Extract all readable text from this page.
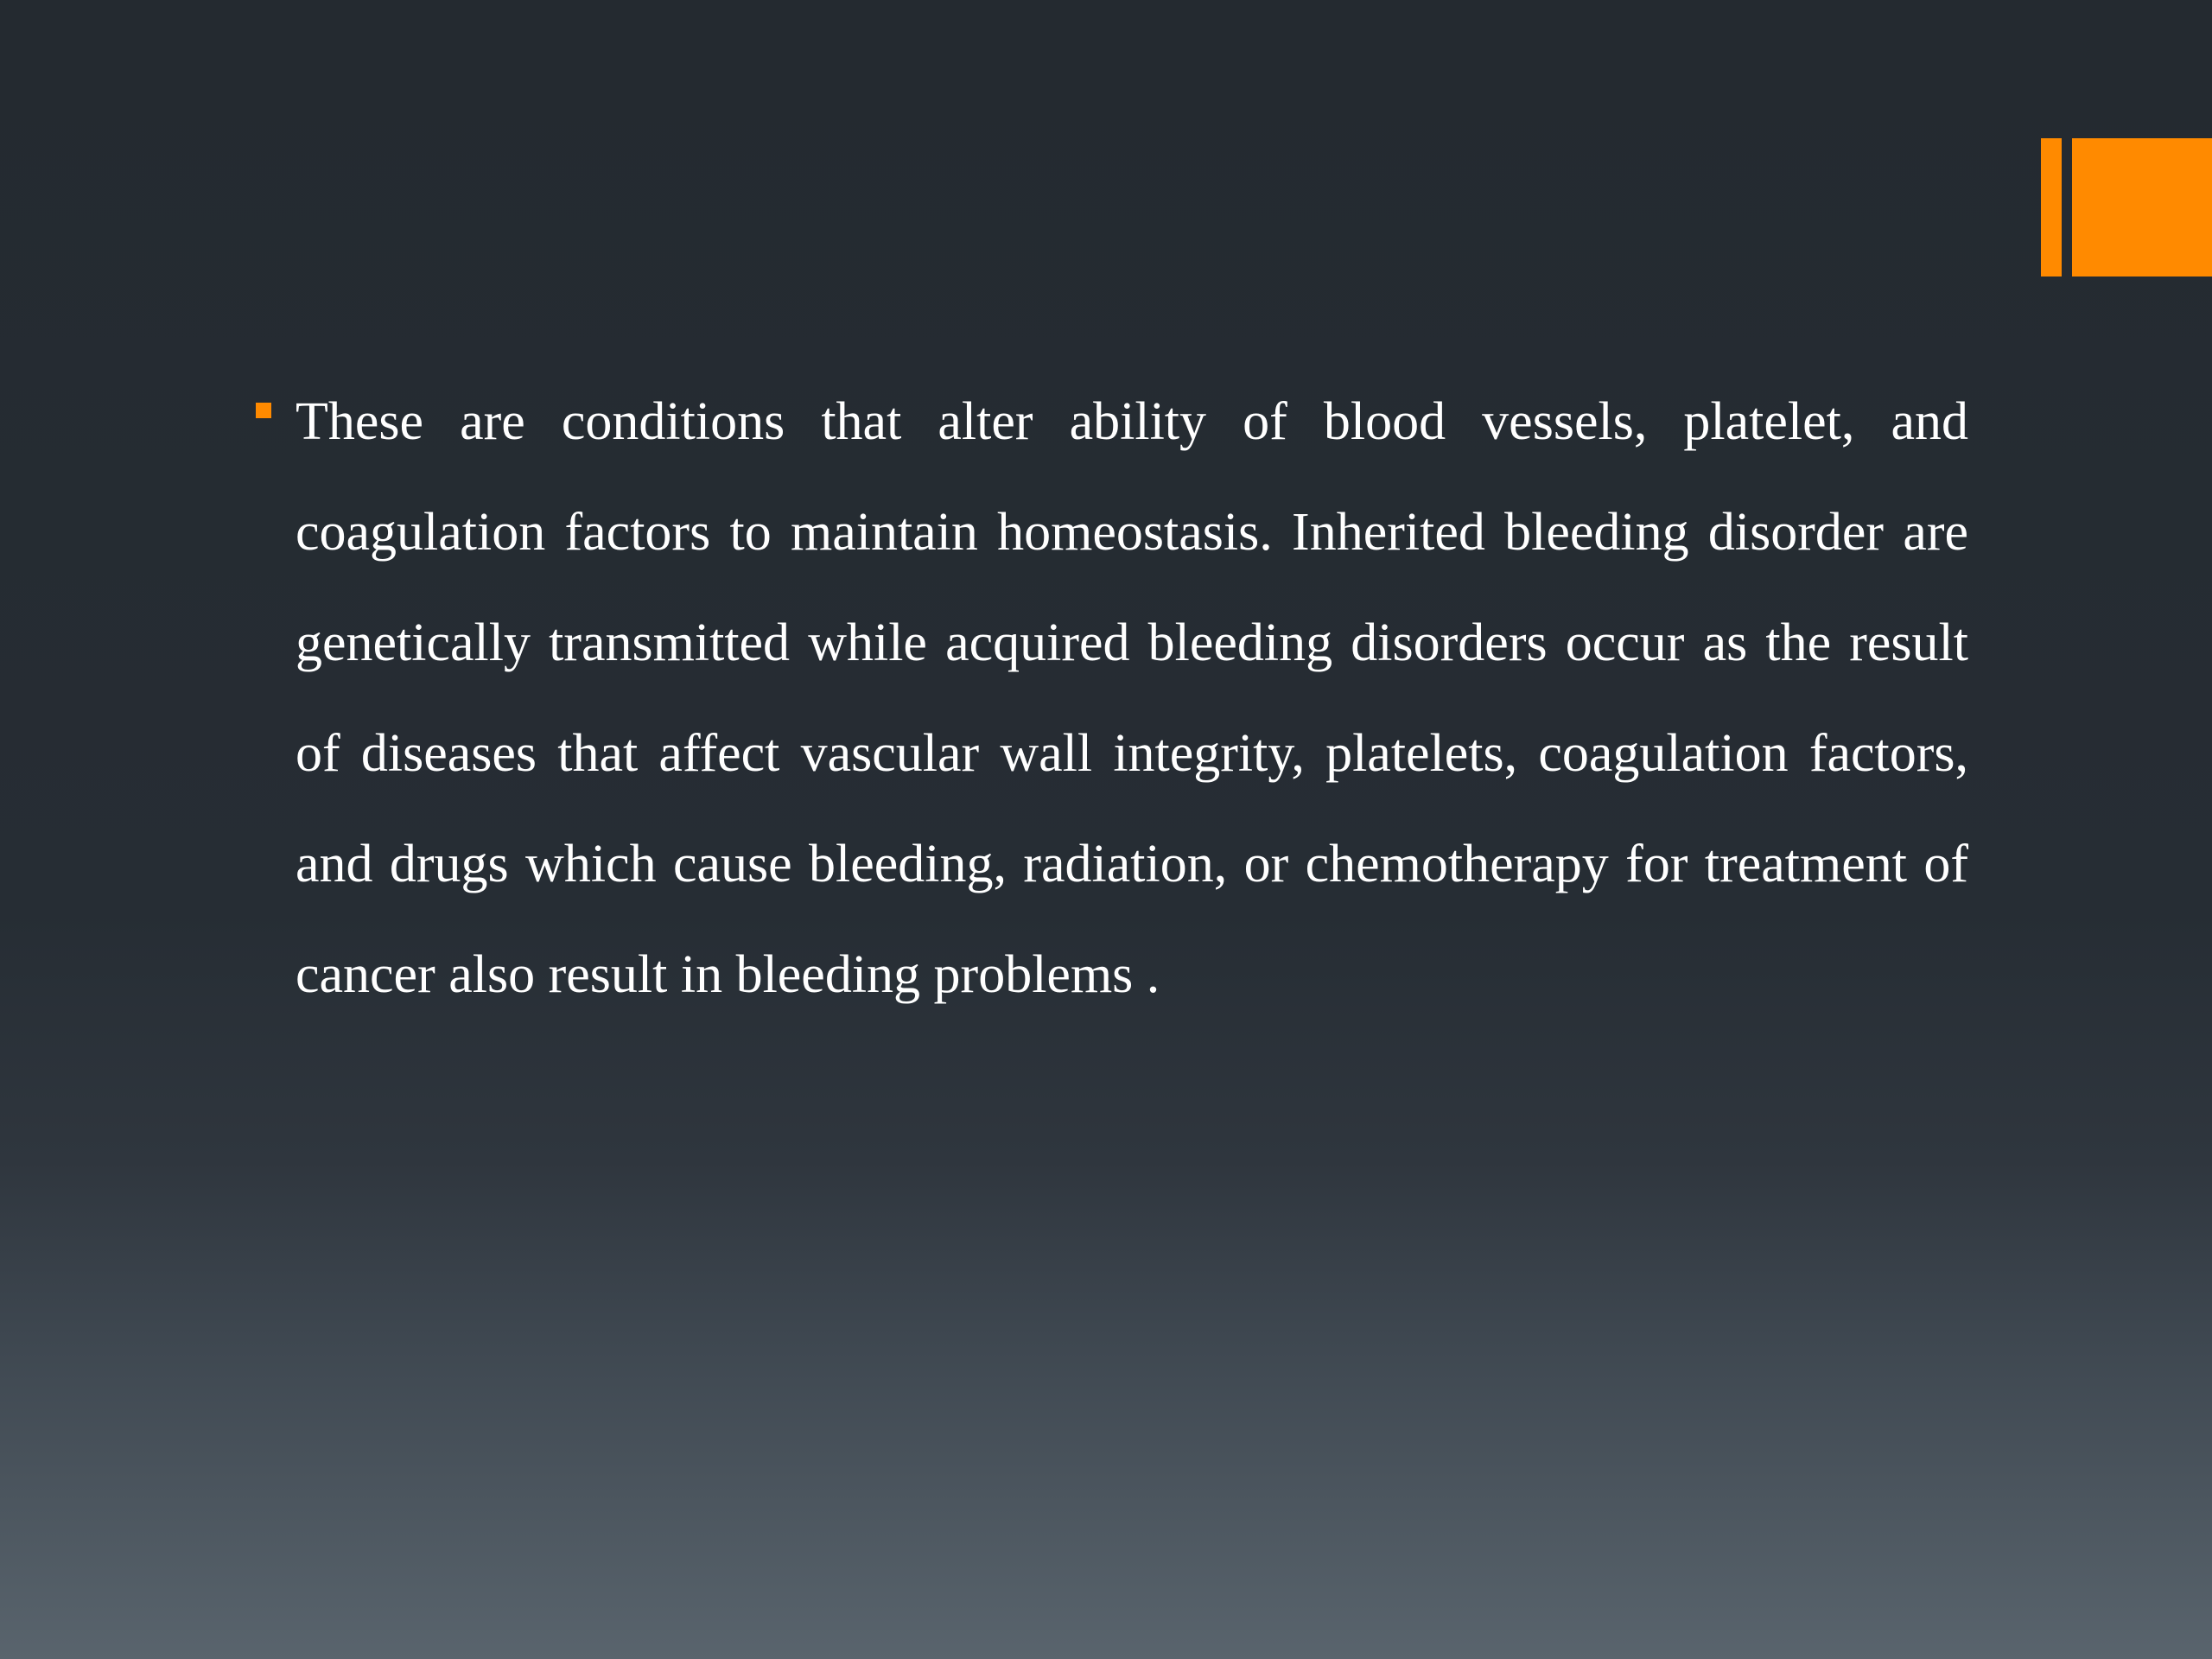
These are conditions that alter ability of blood vessels, platelet, and coagulation factors to maintain homeostasis. Inherited bleeding disorder are genetically transmitted while acquired bleeding disorders occur as the result of diseases that affect vascular wall integrity, platelets, coagulation factors, and drugs which cause bleeding, radiation, or chemotherapy for treatment of cancer also result in bleeding problems .
